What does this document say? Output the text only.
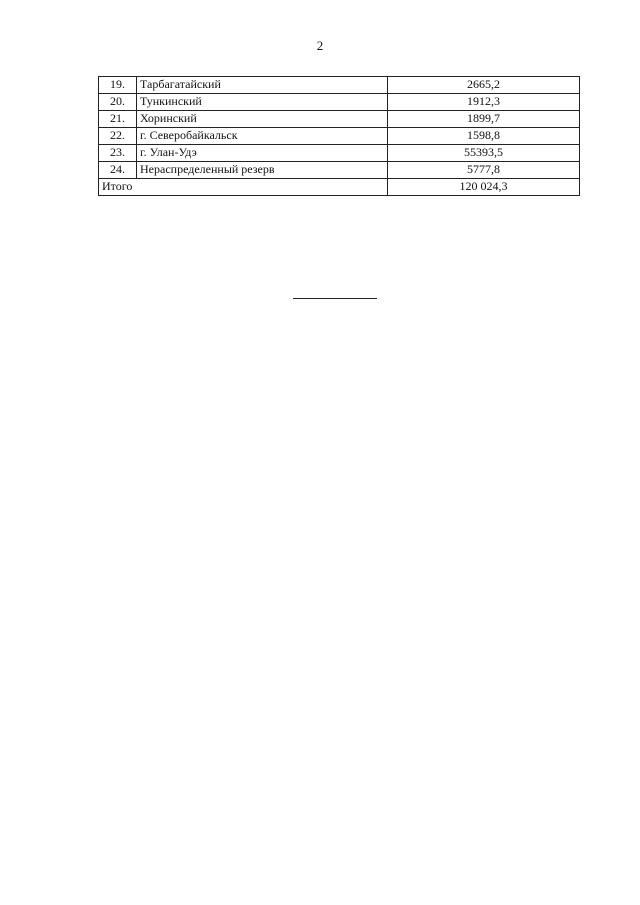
2
19.	Тарбагатайский	2665,2
20.	Тункинский	1912,3
21.	Хоринский	1899,7
22.	г. Северобайкальск	1598,8
23.	г. Улан-Удэ	55393,5
24.	Нераспределенный резерв	5777,8
Итого		120 024,3
